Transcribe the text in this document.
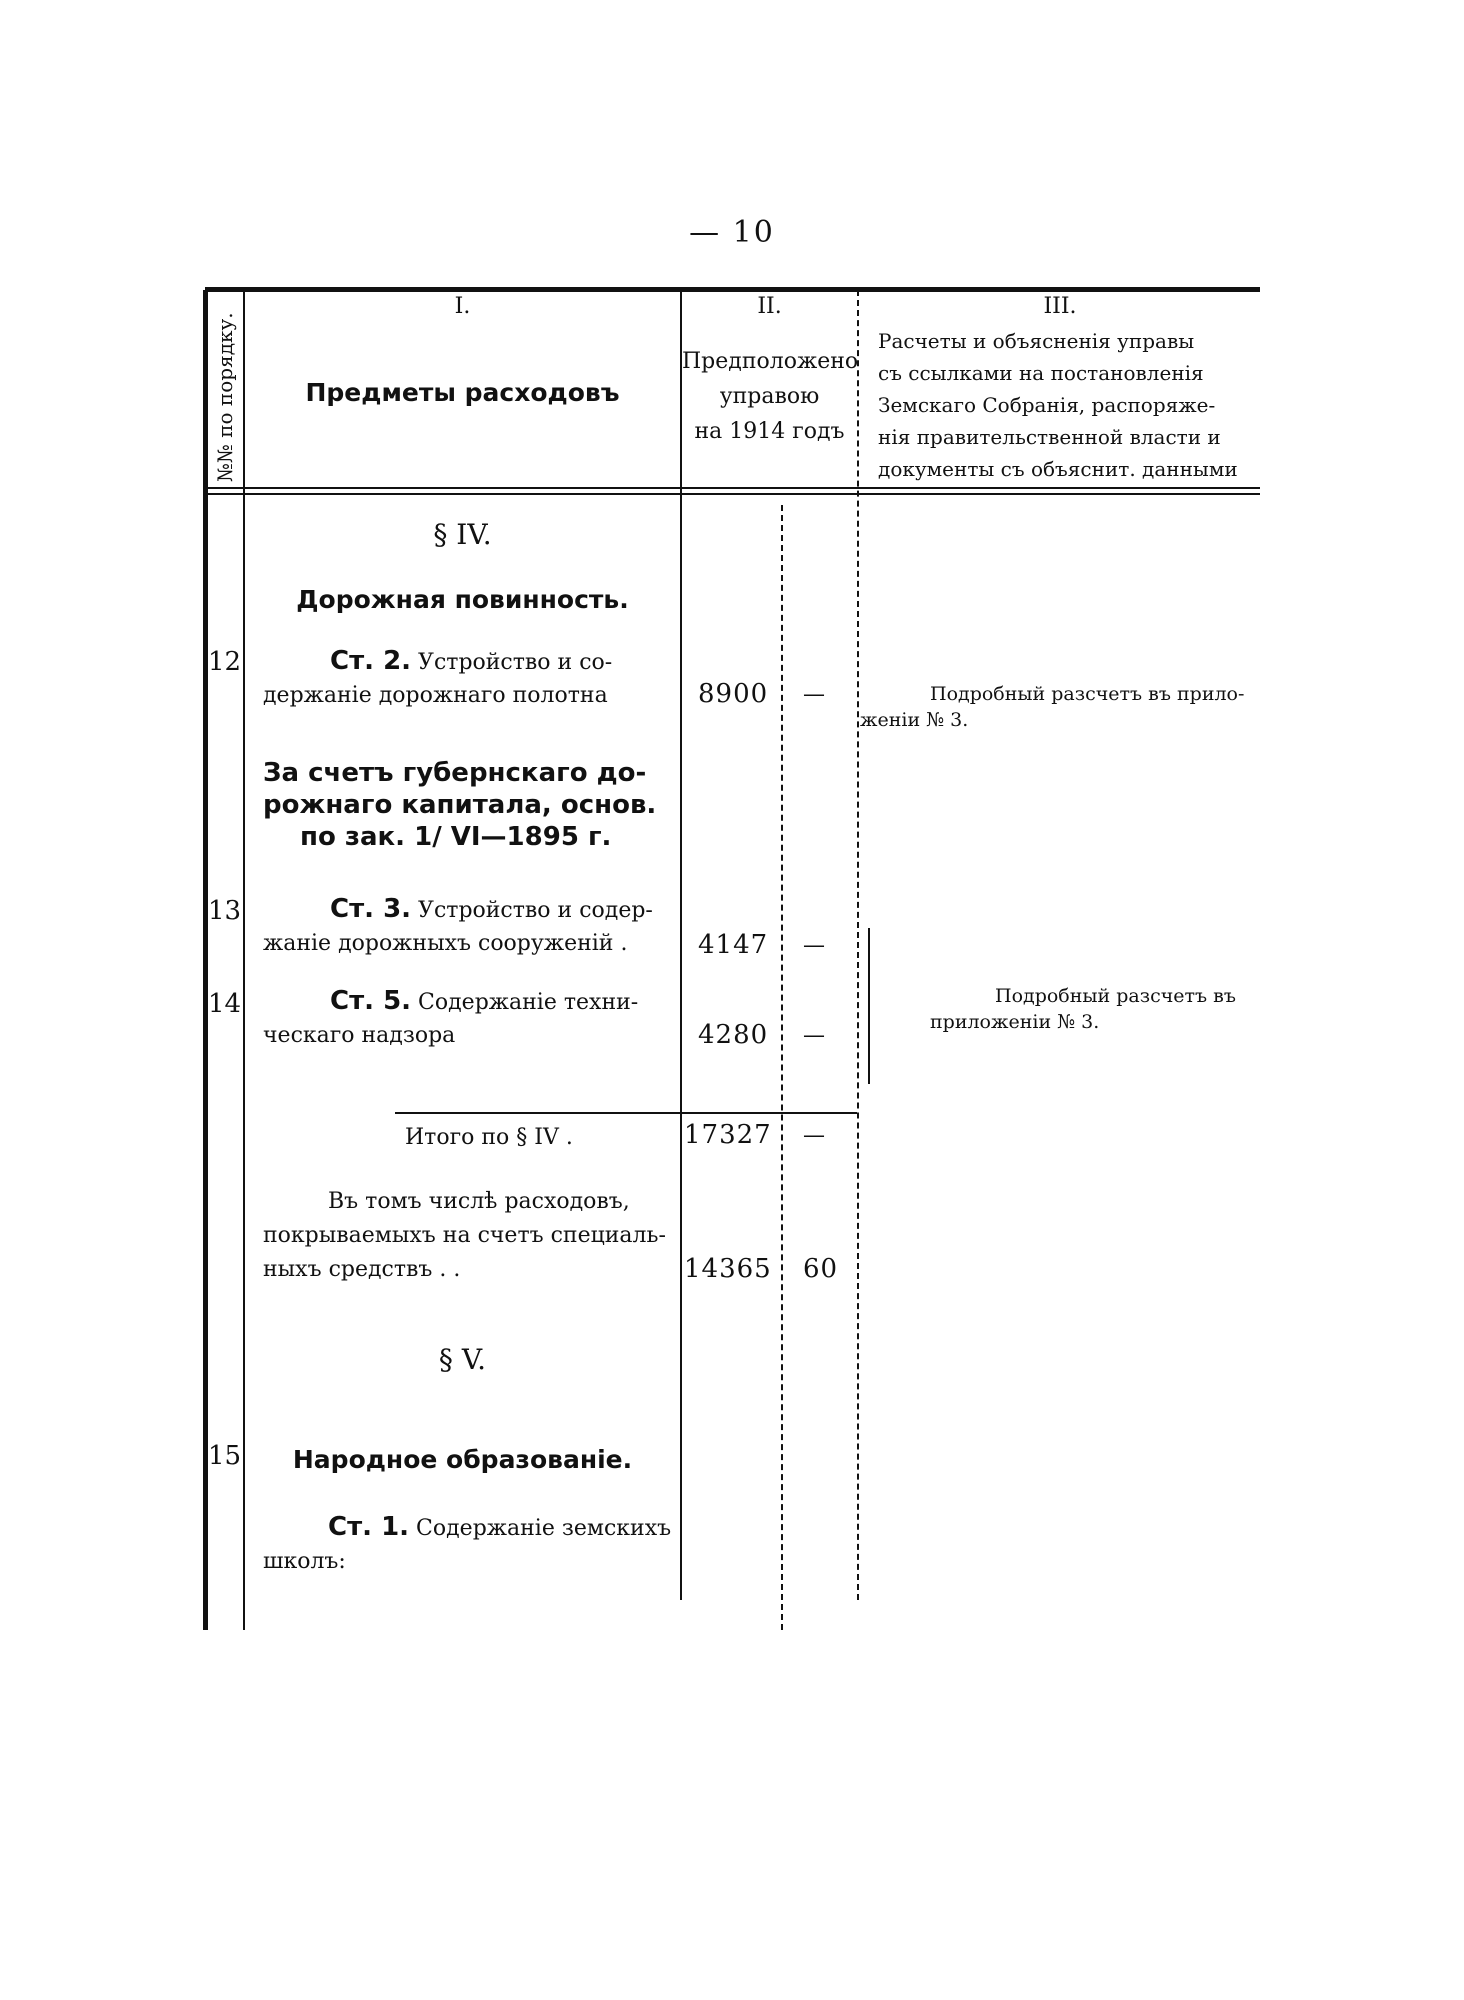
— 10
№№ по порядку.
I.
Предметы расходовъ
II.
Предположено
управою
на 1914 годъ
III.
Расчеты и объясненія управы
съ ссылками на постановленія
Земскаго Собранія, распоряже-
нія правительственной власти и
документы съ объяснит. данными
§ IV.
Дорожная повинность.
12	Ст. 2. Устройство и со-
держаніе дорожнаго полотна	8900 —	Подробный разсчетъ въ прило-
женіи № 3.
За счетъ губернскаго до-
рожнаго капитала, основ.
по зак. 1/ VI—1895 г.
13	Ст. 3. Устройство и содер-
жаніе дорожныхъ сооруженій .	4147 —
14	Ст. 5. Содержаніе техни-
ческаго надзора	4280 —
Подробный разсчетъ въ
приложеніи № 3.
Итого по § IV .	17327 —
Въ томъ числѣ расходовъ,
покрываемыхъ на счетъ специаль-
ныхъ средствъ . .	14365 60
§ V.
15	Народное образованіе.
Ст. 1. Содержаніе земскихъ
школъ:
